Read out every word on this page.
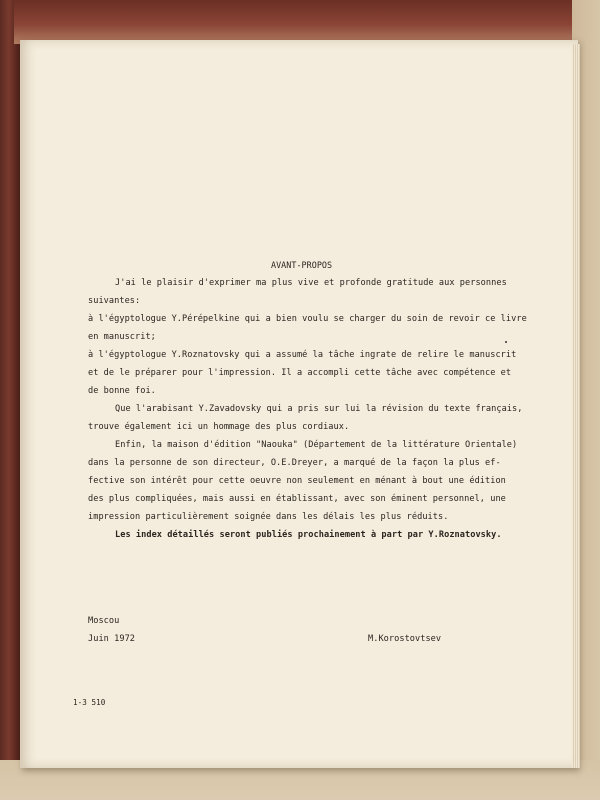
AVANT-PROPOS
J'ai le plaisir d'exprimer ma plus vive et profonde gratitude aux personnes
suivantes:
à l'égyptologue Y.Pérépelkine qui a bien voulu se charger du soin de revoir ce livre
en manuscrit;
à l'égyptologue Y.Roznatovsky qui a assumé la tâche ingrate de relire le manuscrit
et de le préparer pour l'impression. Il a accompli cette tâche avec compétence et
de bonne foi.
Que l'arabisant Y.Zavadovsky qui a pris sur lui la révision du texte français,
trouve également ici un hommage des plus cordiaux.
Enfin, la maison d'édition "Naouka" (Département de la littérature Orientale)
dans la personne de son directeur, O.E.Dreyer, a marqué de la façon la plus ef-
fective son intérêt pour cette oeuvre non seulement en ménant à bout une édition
des plus compliquées, mais aussi en établissant, avec son éminent personnel, une
impression particulièrement soignée dans les délais les plus réduits.
Les index détaillés seront publiés prochainement à part par Y.Roznatovsky.
Moscou
Juin 1972	M.Korostovtsev
1-3 510
